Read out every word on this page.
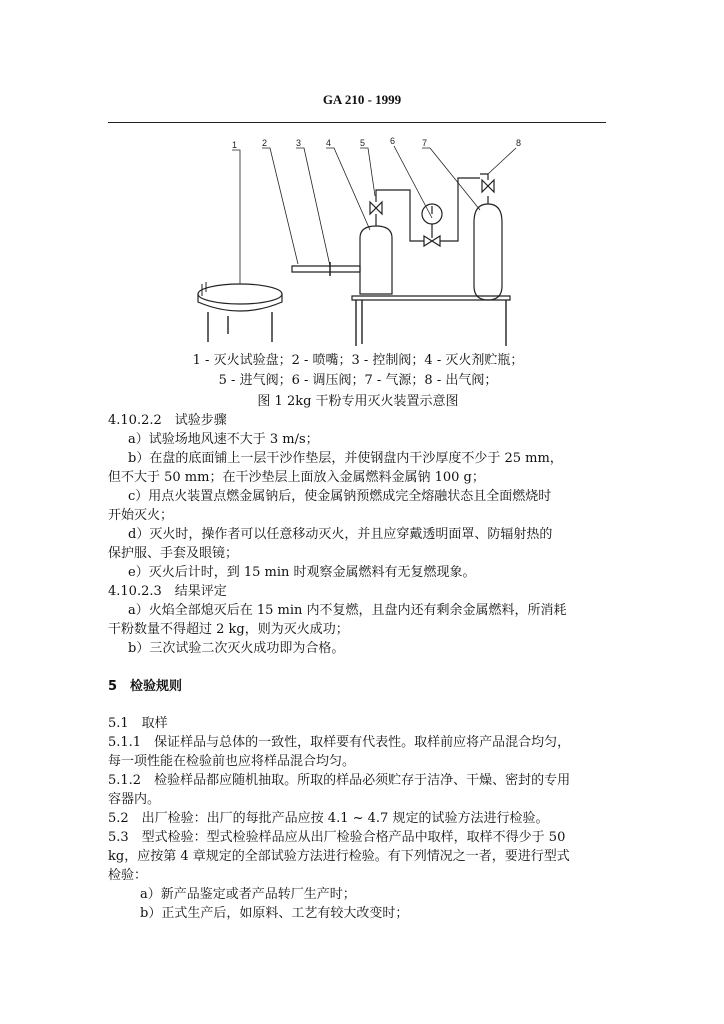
GA 210 - 1999
1	2	3	4	5	6	7	8
1 - 灭火试验盘；2 - 喷嘴；3 - 控制阀；4 - 灭火剂贮瓶；
5 - 进气阀；6 - 调压阀；7 - 气源；8 - 出气阀；
图 1 2kg 干粉专用灭火装置示意图
4.10.2.2　试验步骤
a）试验场地风速不大于 3 m/s；
b）在盘的底面铺上一层干沙作垫层，并使钢盘内干沙厚度不少于 25 mm，
但不大于 50 mm；在干沙垫层上面放入金属燃料金属钠 100 g；
c）用点火装置点燃金属钠后，使金属钠预燃成完全熔融状态且全面燃烧时
开始灭火；
d）灭火时，操作者可以任意移动灭火，并且应穿戴透明面罩、防辐射热的
保护服、手套及眼镜；
e）灭火后计时，到 15 min 时观察金属燃料有无复燃现象。
4.10.2.3　结果评定
a）火焰全部熄灭后在 15 min 内不复燃，且盘内还有剩余金属燃料，所消耗
干粉数量不得超过 2 kg，则为灭火成功；
b）三次试验二次灭火成功即为合格。
5　检验规则
5.1　取样
5.1.1　保证样品与总体的一致性，取样要有代表性。取样前应将产品混合均匀，
每一项性能在检验前也应将样品混合均匀。
5.1.2　检验样品都应随机抽取。所取的样品必须贮存于洁净、干燥、密封的专用
容器内。
5.2　出厂检验：出厂的每批产品应按 4.1 ~ 4.7 规定的试验方法进行检验。
5.3　型式检验：型式检验样品应从出厂检验合格产品中取样，取样不得少于 50
kg，应按第 4 章规定的全部试验方法进行检验。有下列情况之一者，要进行型式
检验：
a）新产品鉴定或者产品转厂生产时；
b）正式生产后，如原料、工艺有较大改变时；
